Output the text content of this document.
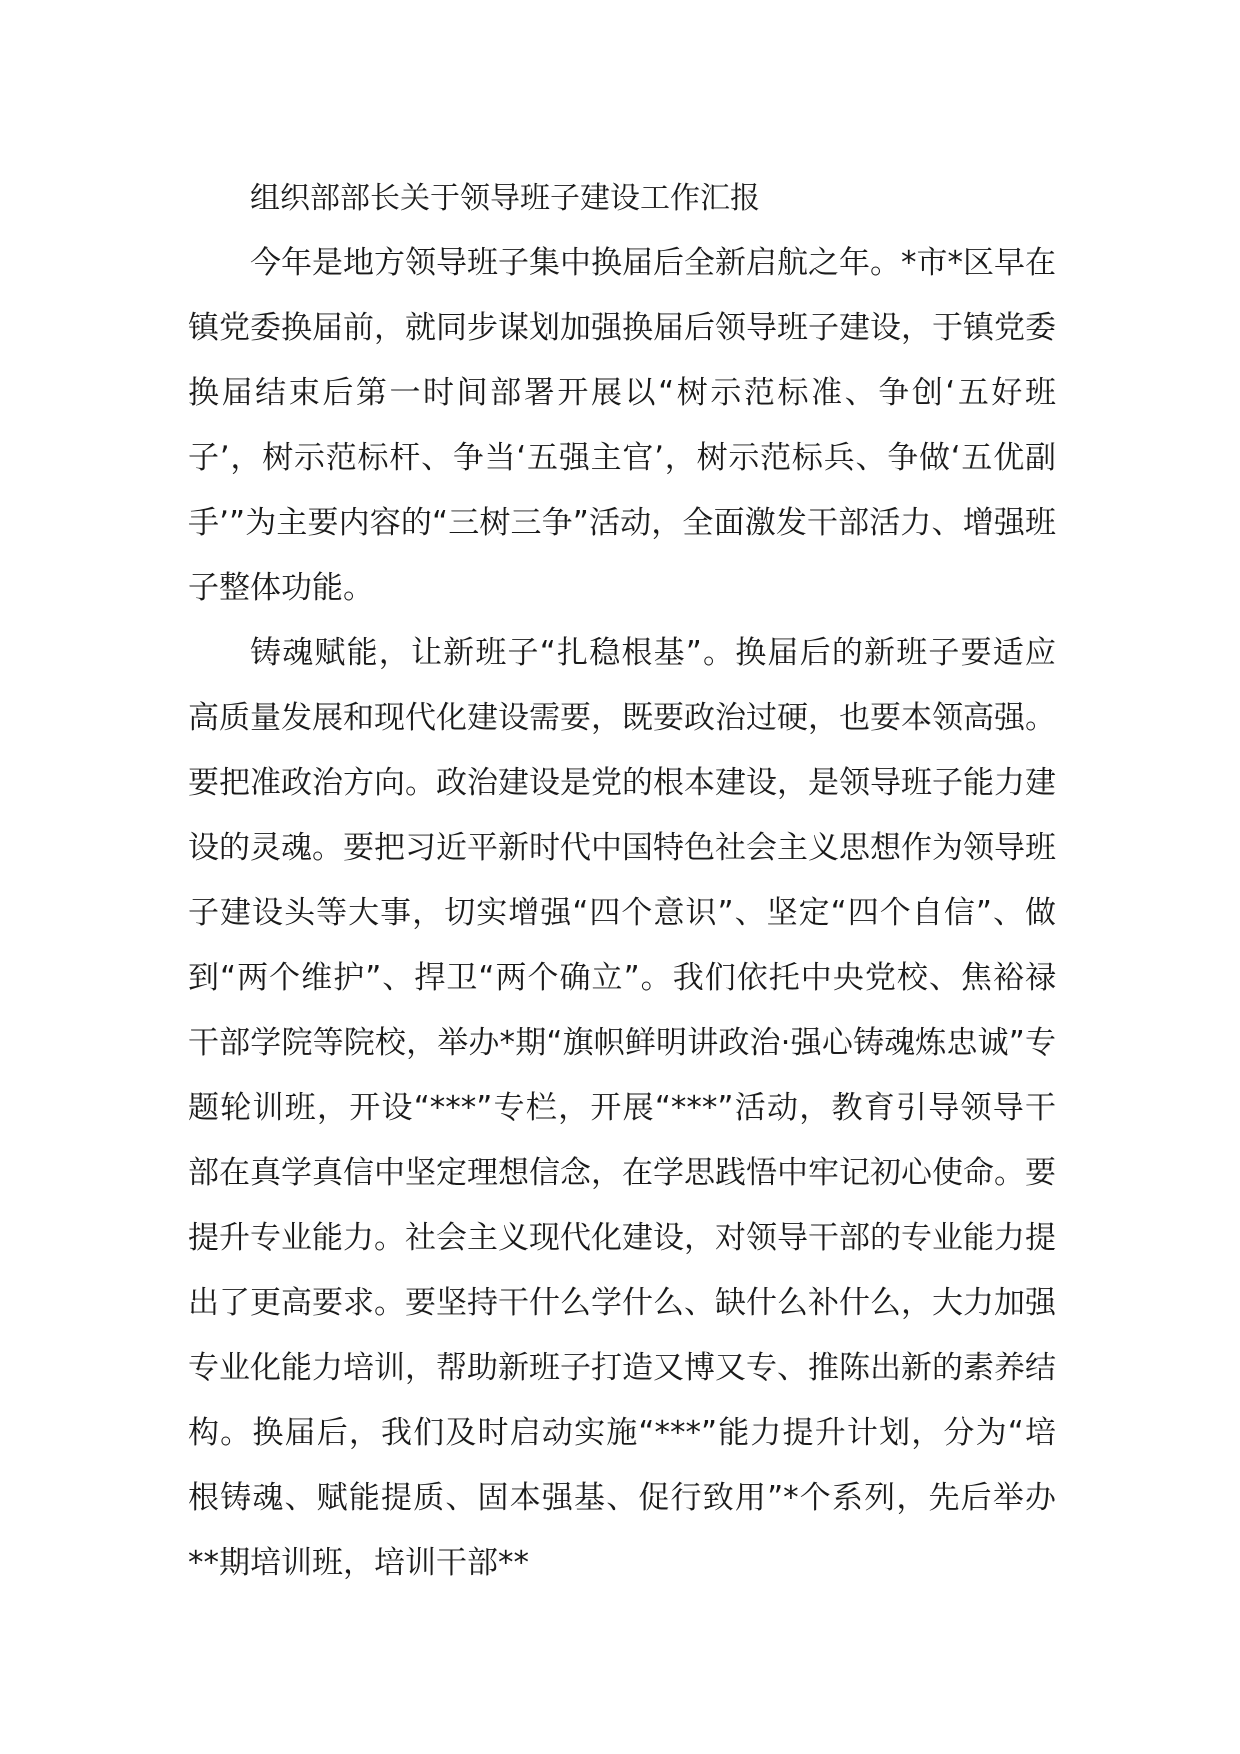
组织部部长关于领导班子建设工作汇报

今年是地方领导班子集中换届后全新启航之年。*市*区早在镇党委换届前，就同步谋划加强换届后领导班子建设，于镇党委换届结束后第一时间部署开展以“树示范标准、争创‘五好班子’，树示范标杆、争当‘五强主官’，树示范标兵、争做‘五优副手’”为主要内容的“三树三争”活动，全面激发干部活力、增强班子整体功能。

铸魂赋能，让新班子“扎稳根基”。换届后的新班子要适应高质量发展和现代化建设需要，既要政治过硬，也要本领高强。要把准政治方向。政治建设是党的根本建设，是领导班子能力建设的灵魂。要把习近平新时代中国特色社会主义思想作为领导班子建设头等大事，切实增强“四个意识”、坚定“四个自信”、做到“两个维护”、捍卫“两个确立”。我们依托中央党校、焦裕禄干部学院等院校，举办*期“旗帜鲜明讲政治·强心铸魂炼忠诚”专题轮训班，开设“***”专栏，开展“***”活动，教育引导领导干部在真学真信中坚定理想信念，在学思践悟中牢记初心使命。要提升专业能力。社会主义现代化建设，对领导干部的专业能力提出了更高要求。要坚持干什么学什么、缺什么补什么，大力加强专业化能力培训，帮助新班子打造又博又专、推陈出新的素养结构。换届后，我们及时启动实施“***”能力提升计划，分为“培根铸魂、赋能提质、固本强基、促行致用”*个系列，先后举办**期培训班，培训干部**
